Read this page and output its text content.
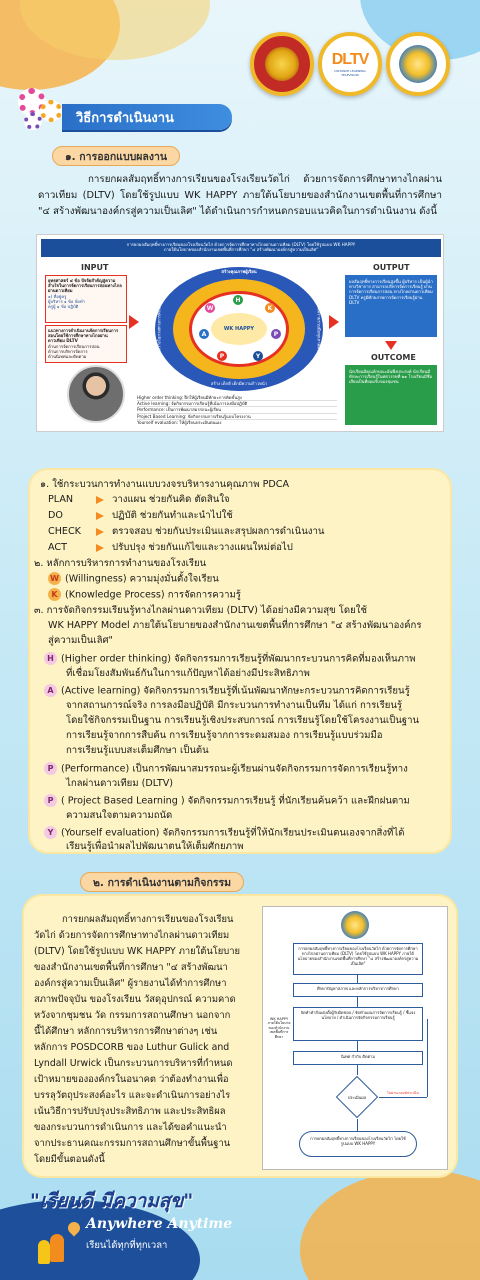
DLTV
DISTANCE LEARNING TELEVISION
วิธีการดำเนินงาน
๑. การออกแบบผลงาน
การยกผลสัมฤทธิ์ทางการเรียนของโรงเรียนวัดไก่ ด้วยการจัดการศึกษาทางไกลผ่านดาวเทียม (DLTV) โดยใช้รูปแบบ WK HAPPY ภายใต้นโยบายของสำนักงานเขตพื้นที่การศึกษา "๔ สร้างพัฒนาองค์กรสู่ความเป็นเลิศ" ได้ดำเนินการกำหนดกรอบแนวคิดในการดำเนินงาน ดังนี้
การยกผลสัมฤทธิ์ทางการเรียนของโรงเรียนวัดไก่ ด้วยการจัดการศึกษาทางไกลผ่านดาวเทียม (DLTV) โดยใช้รูปแบบ WK HAPPY
ภายใต้นโยบายของสำนักงานเขตพื้นที่การศึกษา "๔ สร้างพัฒนาองค์กรสู่ความเป็นเลิศ"
INPUT
ยุทธศาสตร์ ๔ ข้อ ปัจจัยสำคัญสู่ความสำเร็จในการจัดการเรียนการสอนทางไกลผ่านดาวเทียม
๑) ที่อยู่ครู
ผู้บริหาร ๑ ข้อ จัดทำ
ครูผู้ ๑ ข้อ ปฏิบัติ
แนวทางการดำเนินงานจัดการเรียนการสอนโดยใช้การศึกษาทางไกลผ่านดาวเทียม DLTV
ด้านการจัดการเรียนการสอน
ด้านการบริหารจัดการ
ด้านนิเทศและติดตาม
WK HAPPY
สร้างคุณภาพผู้เรียน
สร้าง เด็กดี เด็กมีความก้าวหน้า
สร้างโอกาสทางการศึกษา	สร้างความร่วมมือทุกภาคส่วน
W	K
H
A	P
P	Y
Higher order thinking: ฝึกให้ผู้เรียนมีทักษะการคิดขั้นสูง
Active learning: จัดกิจกรรมการเรียนรู้ที่เน้นการลงมือปฏิบัติ
Performance: เป็นการพัฒนาสมรรถนะผู้เรียน
Project Based Learning: จัดกิจกรรมการเรียนรู้แบบโครงงาน
Yourself evaluation: ให้ผู้เรียนประเมินตนเอง
OUTPUT
ผลสัมฤทธิ์ทางการเรียนสูงขึ้น ผู้บริหาร เป็นผู้นำทางวิชาการ สามารถบริหารจัดการเรียนรู้ ผ่านการจัดการเรียนการสอน ทางไกลผ่านดาวเทียม DLTV ครูมีศักยภาพการจัดการเรียนรู้ผ่าน DLTV
OUTCOME
นักเรียนมีคุณลักษณะอันพึงประสงค์ นักเรียนมีทักษะการเรียนรู้ในศตวรรษที่ ๒๑ โรงเรียนมีชื่อเสียงเป็นที่ยอมรับของชุมชน
๑. ใช้กระบวนการทำงานแบบวงจรบริหารงานคุณภาพ PDCA
PLAN	วางแผน ช่วยกันคิด ตัดสินใจ
DO	ปฏิบัติ ช่วยกันทำและนำไปใช้
CHECK	ตรวจสอบ ช่วยกันประเมินและสรุปผลการดำเนินงาน
ACT	ปรับปรุง ช่วยกันแก้ไขและวางแผนใหม่ต่อไป
๒. หลักการบริหารการทำงานของโรงเรียน
W (Willingness) ความมุ่งมั่นตั้งใจเรียน
K (Knowledge Process) การจัดการความรู้
๓. การจัดกิจกรรมเรียนรู้ทางไกลผ่านดาวเทียม (DLTV) ได้อย่างมีความสุข โดยใช้
WK HAPPY Model ภายใต้นโยบายของสำนักงานเขตพื้นที่การศึกษา "๔ สร้างพัฒนาองค์กร
สู่ความเป็นเลิศ"
H (Higher order thinking) จัดกิจกรรมการเรียนรู้ที่พัฒนากระบวนการคิดที่มองเห็นภาพ
ที่เชื่อมโยงสัมพันธ์กันในการแก้ปัญหาได้อย่างมีประสิทธิภาพ
A (Active learning) จัดกิจกรรมการเรียนรู้ที่เน้นพัฒนาทักษะกระบวนการคิดการเรียนรู้
จากสถานการณ์จริง การลงมือปฏิบัติ มีกระบวนการทำงานเป็นทีม ได้แก่ การเรียนรู้
โดยใช้กิจกรรมเป็นฐาน การเรียนรู้เชิงประสบการณ์ การเรียนรู้โดยใช้โครงงานเป็นฐาน
การเรียนรู้จากการสืบค้น การเรียนรู้จากการระดมสมอง การเรียนรู้แบบร่วมมือ
การเรียนรู้แบบสะเต็มศึกษา เป็นต้น
P (Performance) เป็นการพัฒนาสมรรถนะผู้เรียนผ่านจัดกิจกรรมการจัดการเรียนรู้ทาง
ไกลผ่านดาวเทียม (DLTV)
P ( Project Based Learning ) จัดกิจกรรมการเรียนรู้ ที่นักเรียนค้นคว้า และฝึกฝนตาม
ความสนใจตามความถนัด
Y (Yourself evaluation) จัดกิจกรรมการเรียนรู้ที่ให้นักเรียนประเมินตนเองจากสิ่งที่ได้
เรียนรู้เพื่อนำผลไปพัฒนาตนให้เต็มศักยภาพ
๒. การดำเนินงานตามกิจกรรม
การยกผลสัมฤทธิ์ทางการเรียนของโรงเรียน
วัดไก่ ด้วยการจัดการศึกษาทางไกลผ่านดาวเทียม
(DLTV) โดยใช้รูปแบบ WK HAPPY ภายใต้นโยบาย
ของสำนักงานเขตพื้นที่การศึกษา "๔ สร้างพัฒนา
องค์กรสู่ความเป็นเลิศ" ผู้รายงานได้ทำการศึกษา
สภาพปัจจุบัน ของโรงเรียน วัสดุอุปกรณ์ ความคาด
หวังจากชุมชน วัด กรรมการสถานศึกษา นอกจาก
นี้ได้ศึกษา หลักการบริหารการศึกษาต่างๆ เช่น
หลักการ POSDCORB ของ Luthur Gulick and
Lyndall Urwick เป็นกระบวนการบริหารที่กำหนด
เป้าหมายขององค์กรในอนาคต ว่าต้องทำงานเพื่อ
บรรลุวัตถุประสงค์อะไร และจะดำเนินการอย่างไร
เน้นวิธีการปรับปรุงประสิทธิภาพ และประสิทธิผล
ของกระบวนการดำเนินการ และได้ขอคำแนะนำ
จากประธานคณะกรรมการสถานศึกษาขั้นพื้นฐาน
โดยมีขั้นตอนดังนี้
การยกผลสัมฤทธิ์ทางการเรียนของโรงเรียนวัดไก่ ด้วยการจัดการศึกษาทางไกลผ่านดาวเทียม (DLTV) โดยใช้รูปแบบ WK HAPPY ภายใต้นโยบายของสำนักงานเขตพื้นที่การศึกษา "๔ สร้างพัฒนาองค์กรสู่ความเป็นเลิศ"
WK HAPPY ภายใต้นโยบายของสำนักงานเขตพื้นที่การศึกษา
ศึกษาปัญหาสภาพ และหลักการบริหารการศึกษา
จัดทำคำสั่งแต่งตั้งผู้รับผิดชอบ / จัดทำแผนการจัดการเรียนรู้ / ชี้แจงนโยบาย / ดำเนินการจัดกิจกรรมการเรียนรู้
นิเทศ กำกับ ติดตาม
ประเมินผล
ไม่ผ่านเกณฑ์ประเมิน
การยกผลสัมฤทธิ์ทางการเรียนของโรงเรียนวัดไก่ โดยใช้รูปแบบ WK HAPPY
"เรียนดี มีความสุข"
Anywhere Anytime
เรียนได้ทุกที่ทุกเวลา
